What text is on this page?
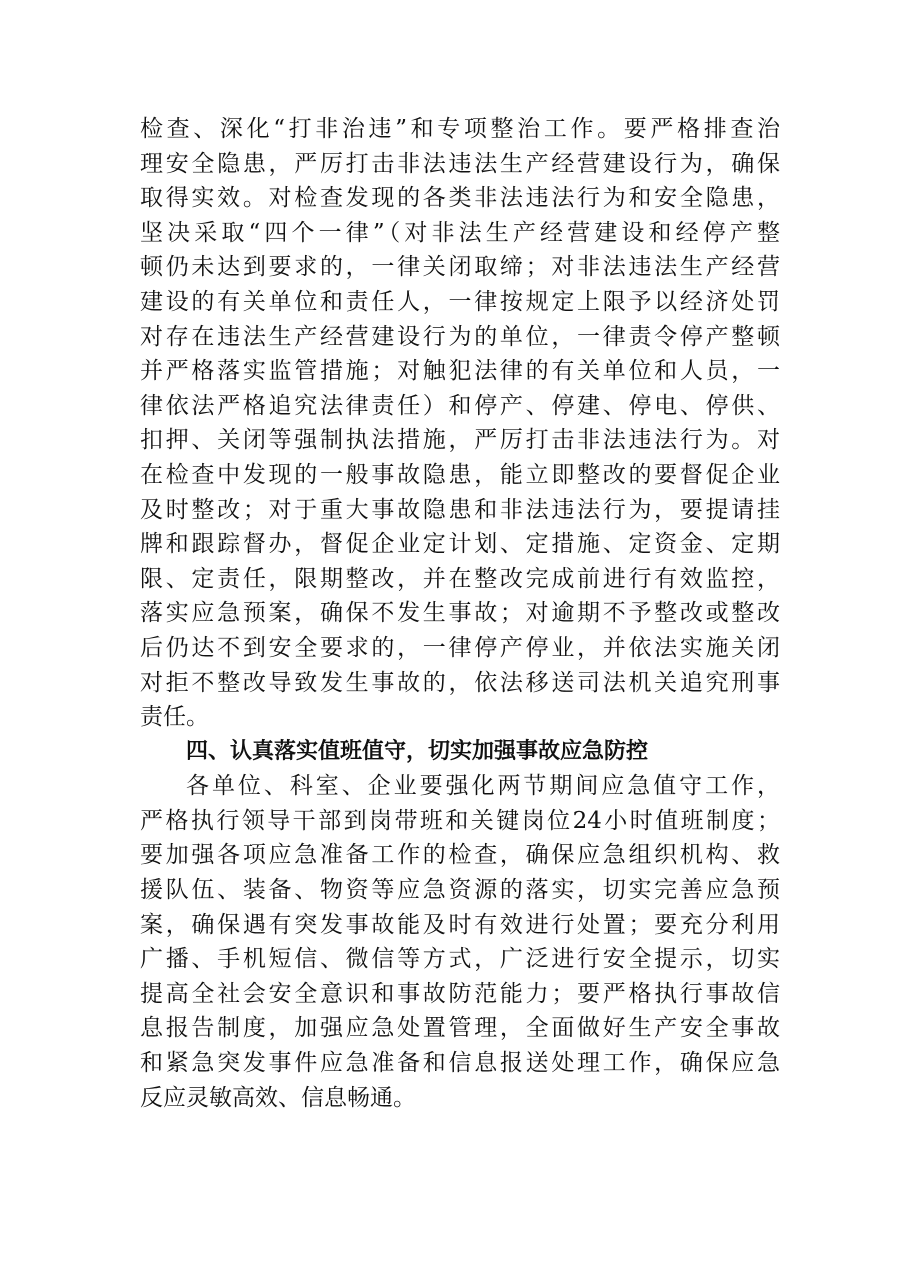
检查、深化“打非治违”和专项整治工作。要严格排查治
理安全隐患，严厉打击非法违法生产经营建设行为，确保
取得实效。对检查发现的各类非法违法行为和安全隐患，
坚决采取“四个一律”（对非法生产经营建设和经停产整
顿仍未达到要求的，一律关闭取缔；对非法违法生产经营
建设的有关单位和责任人，一律按规定上限予以经济处罚
对存在违法生产经营建设行为的单位，一律责令停产整顿
并严格落实监管措施；对触犯法律的有关单位和人员，一
律依法严格追究法律责任）和停产、停建、停电、停供、
扣押、关闭等强制执法措施，严厉打击非法违法行为。对
在检查中发现的一般事故隐患，能立即整改的要督促企业
及时整改；对于重大事故隐患和非法违法行为，要提请挂
牌和跟踪督办，督促企业定计划、定措施、定资金、定期
限、定责任，限期整改，并在整改完成前进行有效监控，
落实应急预案，确保不发生事故；对逾期不予整改或整改
后仍达不到安全要求的，一律停产停业，并依法实施关闭
对拒不整改导致发生事故的，依法移送司法机关追究刑事
责任。
四、认真落实值班值守，切实加强事故应急防控
各单位、科室、企业要强化两节期间应急值守工作，
严格执行领导干部到岗带班和关键岗位24小时值班制度；
要加强各项应急准备工作的检查，确保应急组织机构、救
援队伍、装备、物资等应急资源的落实，切实完善应急预
案，确保遇有突发事故能及时有效进行处置；要充分利用
广播、手机短信、微信等方式，广泛进行安全提示，切实
提高全社会安全意识和事故防范能力；要严格执行事故信
息报告制度，加强应急处置管理，全面做好生产安全事故
和紧急突发事件应急准备和信息报送处理工作，确保应急
反应灵敏高效、信息畅通。
